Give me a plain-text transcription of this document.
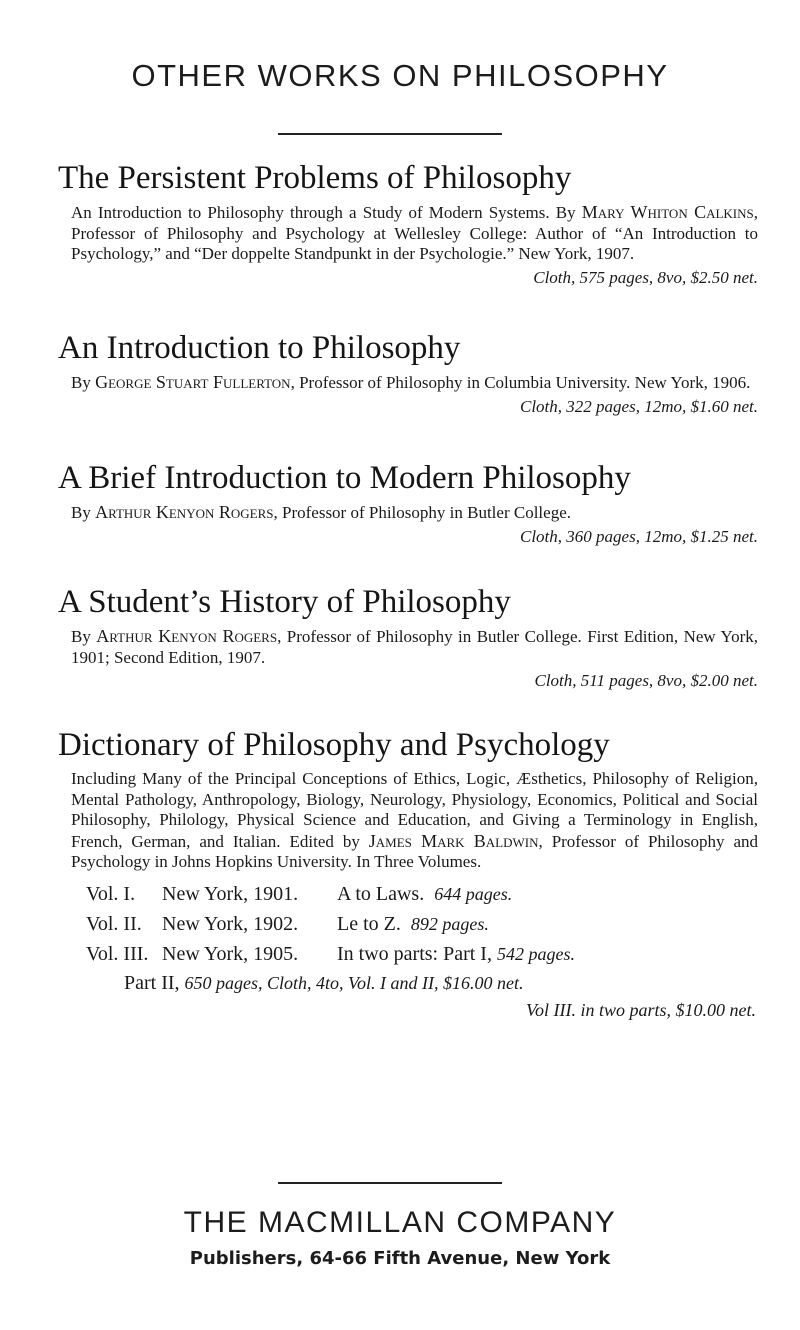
OTHER WORKS ON PHILOSOPHY
The Persistent Problems of Philosophy
An Introduction to Philosophy through a Study of Modern Systems. By Mary Whiton Calkins, Professor of Philosophy and Psychology at Wellesley College: Author of “An Introduction to Psychology,” and “Der doppelte Standpunkt in der Psychologie.” New York, 1907.
Cloth, 575 pages, 8vo, $2.50 net.
An Introduction to Philosophy
By George Stuart Fullerton, Professor of Philosophy in Columbia University. New York, 1906.
Cloth, 322 pages, 12mo, $1.60 net.
A Brief Introduction to Modern Philosophy
By Arthur Kenyon Rogers, Professor of Philosophy in Butler College.
Cloth, 360 pages, 12mo, $1.25 net.
A Student’s History of Philosophy
By Arthur Kenyon Rogers, Professor of Philosophy in Butler College. First Edition, New York, 1901; Second Edition, 1907.
Cloth, 511 pages, 8vo, $2.00 net.
Dictionary of Philosophy and Psychology
Including Many of the Principal Conceptions of Ethics, Logic, Æsthetics, Philosophy of Religion, Mental Pathology, Anthropology, Biology, Neurology, Physiology, Economics, Political and Social Philosophy, Philology, Physical Science and Education, and Giving a Terminology in English, French, German, and Italian. Edited by James Mark Baldwin, Professor of Philosophy and Psychology in Johns Hopkins University. In Three Volumes.
Vol. I. New York, 1901. A to Laws. 644 pages.
Vol. II. New York, 1902. Le to Z. 892 pages.
Vol. III. New York, 1905. In two parts: Part I, 542 pages.
Part II, 650 pages, Cloth, 4to, Vol. I and II, $16.00 net.
Vol III. in two parts, $10.00 net.
THE MACMILLAN COMPANY
Publishers, 64-66 Fifth Avenue, New York
